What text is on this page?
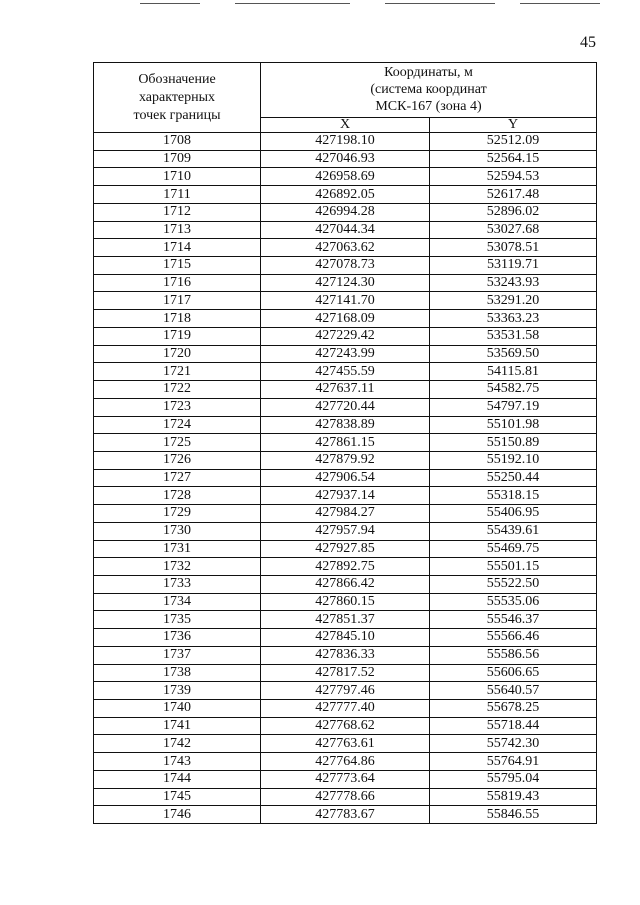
45
Обозначение
характерных
точек границы	Координаты, м
(система координат
МСК-167 (зона 4)	

	X	Y
1708	427198.10	52512.09
1709	427046.93	52564.15
1710	426958.69	52594.53
1711	426892.05	52617.48
1712	426994.28	52896.02
1713	427044.34	53027.68
1714	427063.62	53078.51
1715	427078.73	53119.71
1716	427124.30	53243.93
1717	427141.70	53291.20
1718	427168.09	53363.23
1719	427229.42	53531.58
1720	427243.99	53569.50
1721	427455.59	54115.81
1722	427637.11	54582.75
1723	427720.44	54797.19
1724	427838.89	55101.98
1725	427861.15	55150.89
1726	427879.92	55192.10
1727	427906.54	55250.44
1728	427937.14	55318.15
1729	427984.27	55406.95
1730	427957.94	55439.61
1731	427927.85	55469.75
1732	427892.75	55501.15
1733	427866.42	55522.50
1734	427860.15	55535.06
1735	427851.37	55546.37
1736	427845.10	55566.46
1737	427836.33	55586.56
1738	427817.52	55606.65
1739	427797.46	55640.57
1740	427777.40	55678.25
1741	427768.62	55718.44
1742	427763.61	55742.30
1743	427764.86	55764.91
1744	427773.64	55795.04
1745	427778.66	55819.43
1746	427783.67	55846.55
